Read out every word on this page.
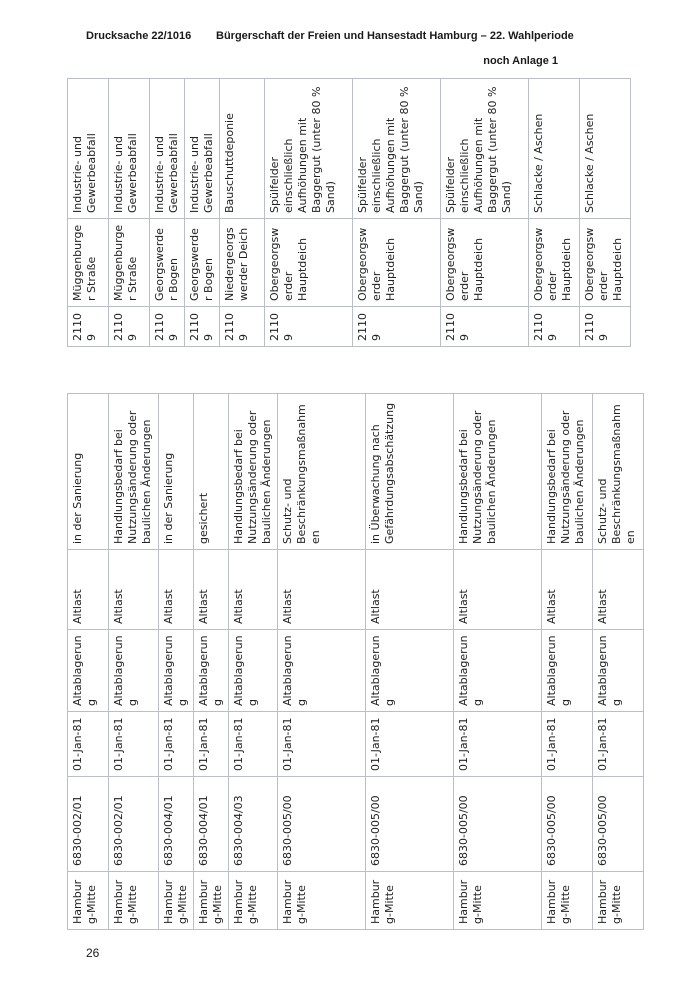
Drucksache 22/1016 Bürgerschaft der Freien und Hansestadt Hamburg – 22. Wahlperiode
noch Anlage 1
21109	Müggenburger Straße	Industrie- und Gewerbeabfall
21109	Müggenburger Straße	Industrie- und Gewerbeabfall
21109	Georgswerder Bogen	Industrie- und Gewerbeabfall
21109	Georgswerder Bogen	Industrie- und Gewerbeabfall
21109	Niedergeorgswerder Deich	Bauschuttdeponie
21109	Obergeorgswerder Hauptdeich	Spülfelder einschließlich Aufhöhungen mit Baggergut (unter 80 % Sand)
21109	Obergeorgswerder Hauptdeich	Spülfelder einschließlich Aufhöhungen mit Baggergut (unter 80 % Sand)
21109	Obergeorgswerder Hauptdeich	Spülfelder einschließlich Aufhöhungen mit Baggergut (unter 80 % Sand)
21109	Obergeorgswerder Hauptdeich	Schlacke / Aschen
21109	Obergeorgswerder Hauptdeich	Schlacke / Aschen
Hamburg-Mitte	6830-002/01	01-Jan-81	Altablagerung	Altlast	in der Sanierung
Hamburg-Mitte	6830-002/01	01-Jan-81	Altablagerung	Altlast	Handlungsbedarf bei Nutzungsänderung oder baulichen Änderungen
Hamburg-Mitte	6830-004/01	01-Jan-81	Altablagerung	Altlast	in der Sanierung
Hamburg-Mitte	6830-004/01	01-Jan-81	Altablagerung	Altlast	gesichert
Hamburg-Mitte	6830-004/03	01-Jan-81	Altablagerung	Altlast	Handlungsbedarf bei Nutzungsänderung oder baulichen Änderungen
Hamburg-Mitte	6830-005/00	01-Jan-81	Altablagerung	Altlast	Schutz- und Beschränkungsmaßnahmen
Hamburg-Mitte	6830-005/00	01-Jan-81	Altablagerung	Altlast	in Überwachung nach Gefährdungsabschätzung
Hamburg-Mitte	6830-005/00	01-Jan-81	Altablagerung	Altlast	Handlungsbedarf bei Nutzungsänderung oder baulichen Änderungen
Hamburg-Mitte	6830-005/00	01-Jan-81	Altablagerung	Altlast	Handlungsbedarf bei Nutzungsänderung oder baulichen Änderungen
Hamburg-Mitte	6830-005/00	01-Jan-81	Altablagerung	Altlast	Schutz- und Beschränkungsmaßnahmen
26
